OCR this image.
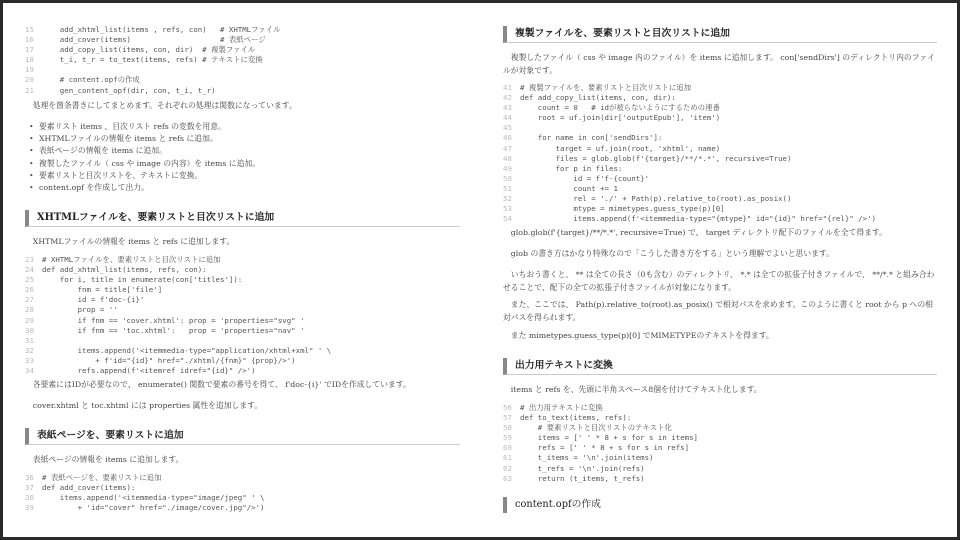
15	add_xhtml_list(items , refs, con)   # XHTMLファイル
16	add_cover(items)                    # 表紙ページ
17	add_copy_list(items, con, dir)  # 複製ファイル
18	t_i, t_r = to_text(items, refs) # テキストに変換
19
20	# content.opfの作成
21	gen_content_opf(dir, con, t_i, t_r)

処理を箇条書きにしてまとめます。それぞれの処理は関数になっています。

• 要素リスト items 、目次リスト refs の変数を用意。
• XHTMLファイルの情報を items と refs に追加。
• 表紙ページの情報を items に追加。
• 複製したファイル（ css や image の内容）を items に追加。
• 要素リストと目次リストを、テキストに変換。
• content.opf を作成して出力。
XHTMLファイルを、要素リストと目次リストに追加

XHTMLファイルの情報を items と refs に追加します。

23	# XHTMLファイルを、要素リストと目次リストに追加
24	def add_xhtml_list(items, refs, con):
25	for i, title in enumerate(con['titles']):
26	fnm = title['file']
27	id = f'doc-{i}'
28	prop = ''
29	if fnm == 'cover.xhtml': prop = 'properties="svg" '
30	if fnm == 'toc.xhtml':   prop = 'properties="nav" '
31
32	items.append('<itemmedia-type="application/xhtml+xml" ' \
33	+ f'id="{id}" href="./xhtml/{fnm}" {prop}/>')
34	refs.append(f'<itemref idref="{id}" />')

各要素にはIDが必要なので、 enumerate() 関数で要素の番号を得て、 f'doc-{i}' でIDを作成しています。

cover.xhtml と toc.xhtml には properties 属性を追加します。

表紙ページを、要素リストに追加

表紙ページの情報を items に追加します。

36	# 表紙ページを、要素リストに追加
37	def add_cover(items):
38	items.append('<itemmedia-type="image/jpeg" ' \
39	+ 'id="cover" href="./image/cover.jpg"/>')
複製ファイルを、要素リストと目次リストに追加

複製したファイル（ css や image 内のファイル）を items に追加します。 con['sendDirs'] のディレクトリ内のファイルが対象です。

41	# 複製ファイルを、要素リストと目次リストに追加
42	def add_copy_list(items, con, dir):
43	count = 0   # idが被らないようにするための連番
44	root = uf.join(dir['outputEpub'], 'item')
45
46	for name in con['sendDirs']:
47	target = uf.join(root, 'xhtml', name)
48	files = glob.glob(f'{target}/**/*.*', recursive=True)
49	for p in files:
50	id = f'f-{count}'
51	count += 1
52	rel = './' + Path(p).relative_to(root).as_posix()
53	mtype = mimetypes.guess_type(p)[0]
54	items.append(f'<itemmedia-type="{mtype}" id="{id}" href="{rel}" />')

glob.glob(f'{target}/**/*.*', recursive=True) で、 target ディレクトリ配下のファイルを全て得ます。

glob の書き方はかなり特殊なので「こうした書き方をする」という理解でよいと思います。

いちおう書くと、 ** は全ての長さ（0も含む）のディレクトリ、 *.* は全ての拡張子付きファイルで、 **/*.* と組み合わせることで、配下の全ての拡張子付きファイルが対象になります。

また、ここでは、 Path(p).relative_to(root).as_posix() で相対パスを求めます。このように書くと root から p への相対パスを得られます。

また mimetypes.guess_type(p)[0] でMIMETYPEのテキストを得ます。

出力用テキストに変換

items と refs を、先頭に半角スペース8個を付けてテキスト化します。

56	# 出力用テキストに変換
57	def to_text(items, refs):
58	# 要素リストと目次リストのテキスト化
59	items = [' ' * 8 + s for s in items]
60	refs = [' ' * 8 + s for s in refs]
61	t_items = '\n'.join(items)
62	t_refs = '\n'.join(refs)
63	return (t_items, t_refs)
content.opfの作成
